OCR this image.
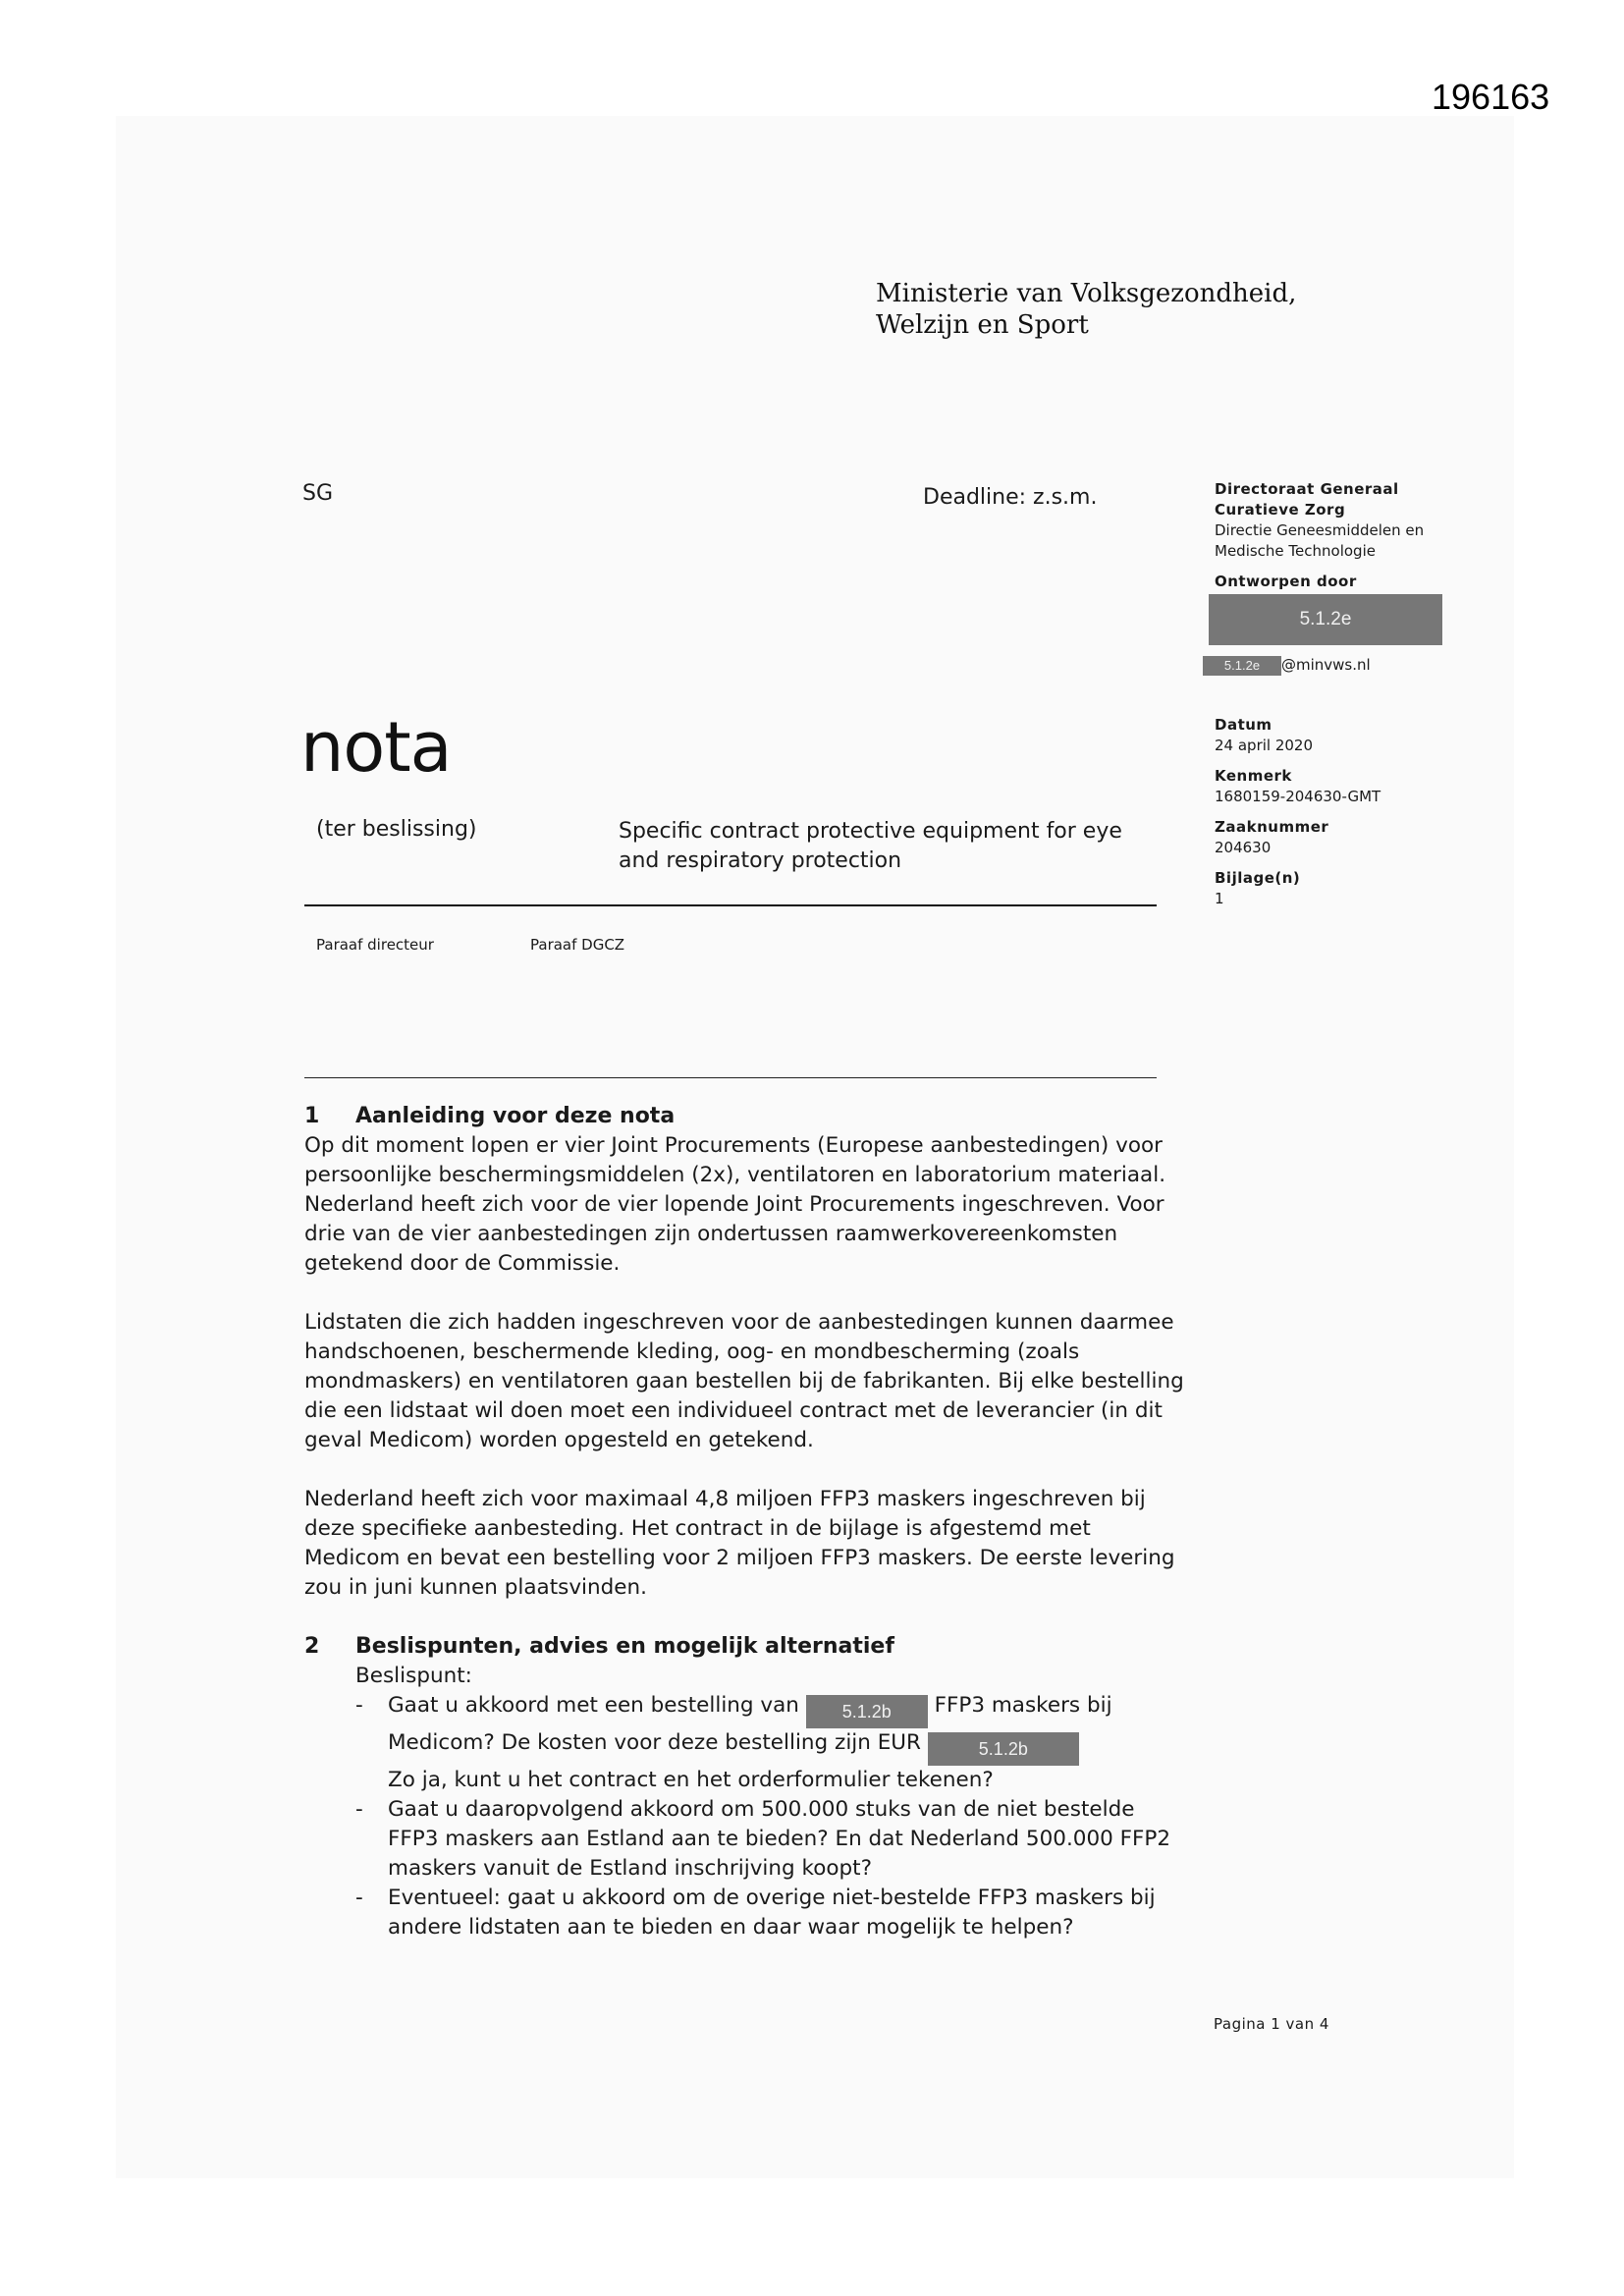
196163
Ministerie van Volksgezondheid,
Welzijn en Sport
SG	Deadline: z.s.m.	Directoraat Generaal
Curatieve Zorg
Directie Geneesmiddelen en
Medische Technologie
Ontworpen door
5.1.2e
5.1.2e @minvws.nl
Datum
24 april 2020
Kenmerk
1680159-204630-GMT
Zaaknummer
204630
Bijlage(n)
1
nota
(ter beslissing)	Specific contract protective equipment for eye and respiratory protection
Paraaf directeur	Paraaf DGCZ
1	Aanleiding voor deze nota

Op dit moment lopen er vier Joint Procurements (Europese aanbestedingen) voor persoonlijke beschermingsmiddelen (2x), ventilatoren en laboratorium materiaal. Nederland heeft zich voor de vier lopende Joint Procurements ingeschreven. Voor drie van de vier aanbestedingen zijn ondertussen raamwerkovereenkomsten getekend door de Commissie.

Lidstaten die zich hadden ingeschreven voor de aanbestedingen kunnen daarmee handschoenen, beschermende kleding, oog- en mondbescherming (zoals mondmaskers) en ventilatoren gaan bestellen bij de fabrikanten. Bij elke bestelling die een lidstaat wil doen moet een individueel contract met de leverancier (in dit geval Medicom) worden opgesteld en getekend.

Nederland heeft zich voor maximaal 4,8 miljoen FFP3 maskers ingeschreven bij deze specifieke aanbesteding. Het contract in de bijlage is afgestemd met Medicom en bevat een bestelling voor 2 miljoen FFP3 maskers. De eerste levering zou in juni kunnen plaatsvinden.

2	Beslispunten, advies en mogelijk alternatief
Beslispunt:
- Gaat u akkoord met een bestelling van 5.1.2b FFP3 maskers bij Medicom? De kosten voor deze bestelling zijn EUR	5.1.2b
Zo ja, kunt u het contract en het orderformulier tekenen?
- Gaat u daaropvolgend akkoord om 500.000 stuks van de niet bestelde FFP3 maskers aan Estland aan te bieden? En dat Nederland 500.000 FFP2 maskers vanuit de Estland inschrijving koopt?
- Eventueel: gaat u akkoord om de overige niet-bestelde FFP3 maskers bij andere lidstaten aan te bieden en daar waar mogelijk te helpen?
Pagina 1 van 4
